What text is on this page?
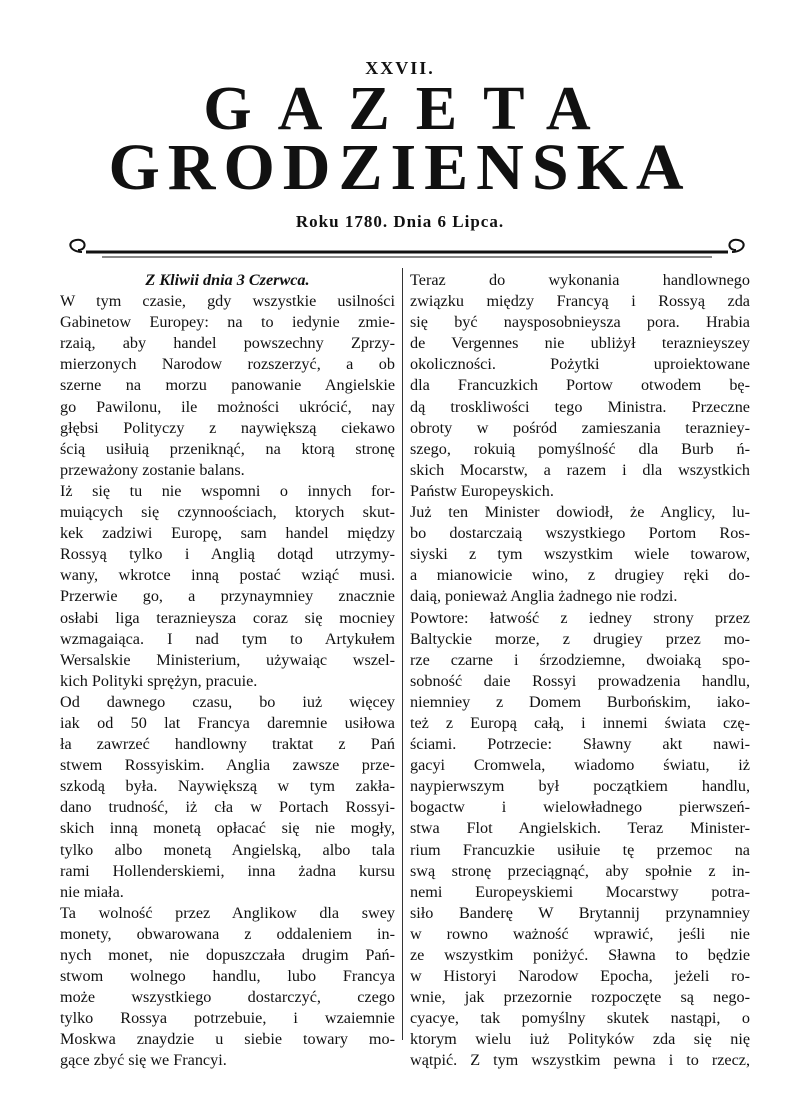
XXVII.
GAZETA
GRODZIENSKA
Roku 1780. Dnia 6 Lipca.
Z Kliwii dnia 3 Czerwca.
W tym czasie, gdy wszystkie usilności
Gabinetow Europey: na to iedynie zmie-
rzaią, aby handel powszechny Zprzy-
mierzonych Narodow rozszerzyć, a ob
szerne na morzu panowanie Angielskie
go Pawilonu, ile możności ukrócić, nay
głębsi Polityczy z naywiększą ciekawo
ścią usiłuią przeniknąć, na ktorą stronę
przeważony zostanie balans.
Iż się tu nie wspomni o innych for-
muiących się czynnoościach, ktorych skut-
kek zadziwi Europę, sam handel między
Rossyą tylko i Anglią dotąd utrzymy-
wany, wkrotce inną postać wziąć musi.
Przerwie go, a przynaymniey znacznie
osłabi liga teraznieysza coraz się mocniey
wzmagaiąca. I nad tym to Artykułem
Wersalskie Ministerium, używaiąc wszel-
kich Polityki sprężyn, pracuie.
Od dawnego czasu, bo iuż więcey
iak od 50 lat Francya daremnie usiłowa
ła zawrzeć handlowny traktat z Pań
stwem Rossyiskim. Anglia zawsze prze-
szkodą była. Naywiększą w tym zakła-
dano trudność, iż cła w Portach Rossyi-
skich inną monetą opłacać się nie mogły,
tylko albo monetą Angielską, albo tala
rami Hollenderskiemi, inna żadna kursu
nie miała.
Ta wolność przez Anglikow dla swey
monety, obwarowana z oddaleniem in-
nych monet, nie dopuszczała drugim Pań-
stwom wolnego handlu, lubo Francya
może wszystkiego dostarczyć, czego
tylko Rossya potrzebuie, i wzaiemnie
Moskwa znaydzie u siebie towary mo-
gące zbyć się we Francyi.
Teraz do wykonania handlownego
związku między Francyą i Rossyą zda
się być naysposobnieysza pora. Hrabia
de Vergennes nie ubliżył teraznieyszey
okoliczności. Pożytki uproiektowane
dla Francuzkich Portow otwodem bę-
dą troskliwości tego Ministra. Przeczne
obroty w pośród zamieszania terazniey-
szego, rokuią pomyślność dla Burb ń-
skich Mocarstw, a razem i dla wszystkich
Państw Europeyskich.
Już ten Minister dowiodł, że Anglicy, lu-
bo dostarczaią wszystkiego Portom Ros-
siyski z tym wszystkim wiele towarow,
a mianowicie wino, z drugiey ręki do-
daią, ponieważ Anglia żadnego nie rodzi.
Powtore: łatwość z iedney strony przez
Baltyckie morze, z drugiey przez mo-
rze czarne i śrzodziemne, dwoiaką spo-
sobność daie Rossyi prowadzenia handlu,
niemniey z Domem Burbońskim, iako-
też z Europą całą, i innemi świata czę-
ściami. Potrzecie: Sławny akt nawi-
gacyi Cromwela, wiadomo światu, iż
naypierwszym był początkiem handlu,
bogactw i wielowładnego pierwszeń-
stwa Flot Angielskich. Teraz Minister-
rium Francuzkie usiłuie tę przemoc na
swą stronę przeciągnąć, aby społnie z in-
nemi Europeyskiemi Mocarstwy potra-
siło Banderę W Brytannij przynamniey
w rowno ważność wprawić, jeśli nie
ze wszystkim poniżyć. Sławna to będzie
w Historyi Narodow Epocha, jeżeli ro-
wnie, jak przezornie rozpoczęte są nego-
cyacye, tak pomyślny skutek nastąpi, o
ktorym wielu iuż Polityków zda się nię
wątpić. Z tym wszystkim pewna i to rzecz,
